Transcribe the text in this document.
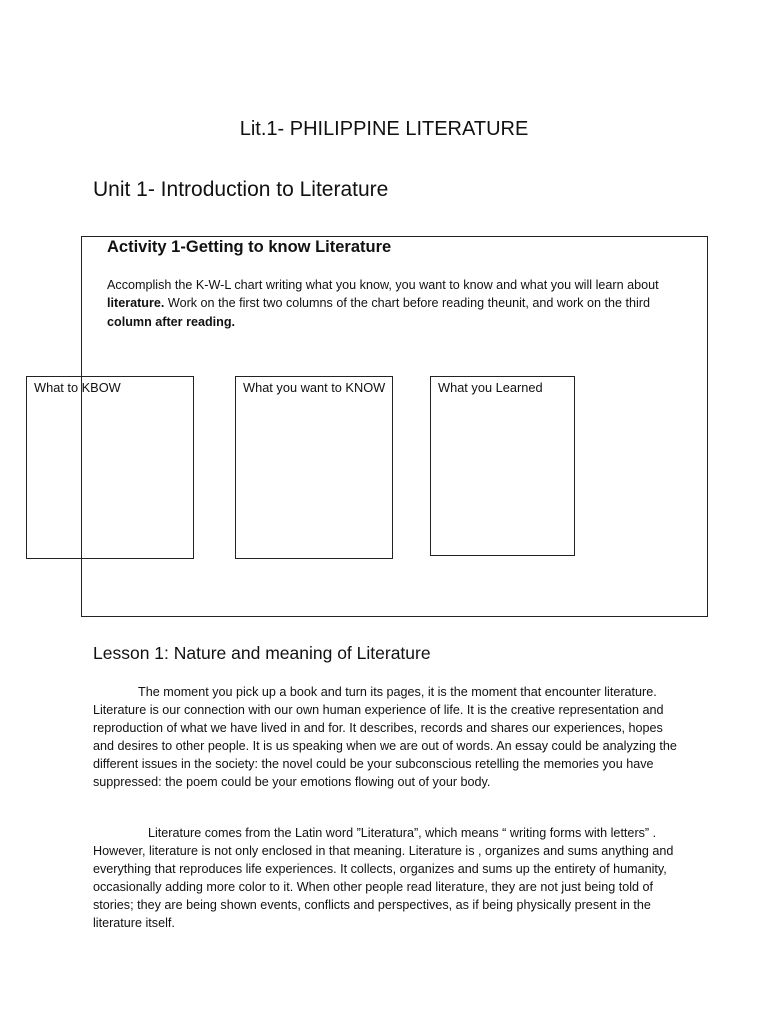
Lit.1- PHILIPPINE LITERATURE
Unit 1- Introduction to Literature
Activity 1-Getting to know Literature
Accomplish the K-W-L chart writing what you know, you want to know and what you will learn about literature. Work on the first two columns of the chart before reading theunit, and work on the third column after reading.
What to KBOW	What you want to KNOW	What you Learned
Lesson 1: Nature and meaning of Literature

The moment you pick up a book and turn its pages, it is the moment that encounter literature. Literature is our connection with our own human experience of life. It is the creative representation and reproduction of what we have lived in and for. It describes, records and shares our experiences, hopes and desires to other people. It is us speaking when we are out of words. An essay could be analyzing the different issues in the society: the novel could be your subconscious retelling the memories you have suppressed: the poem could be your emotions flowing out of your body.

Literature comes from the Latin word ”Literatura”, which means “ writing forms with letters” . However, literature is not only enclosed in that meaning. Literature is , organizes and sums anything and everything that reproduces life experiences. It collects, organizes and sums up the entirety of humanity, occasionally adding more color to it. When other people read literature, they are not just being told of stories; they are being shown events, conflicts and perspectives, as if being physically present in the literature itself.
